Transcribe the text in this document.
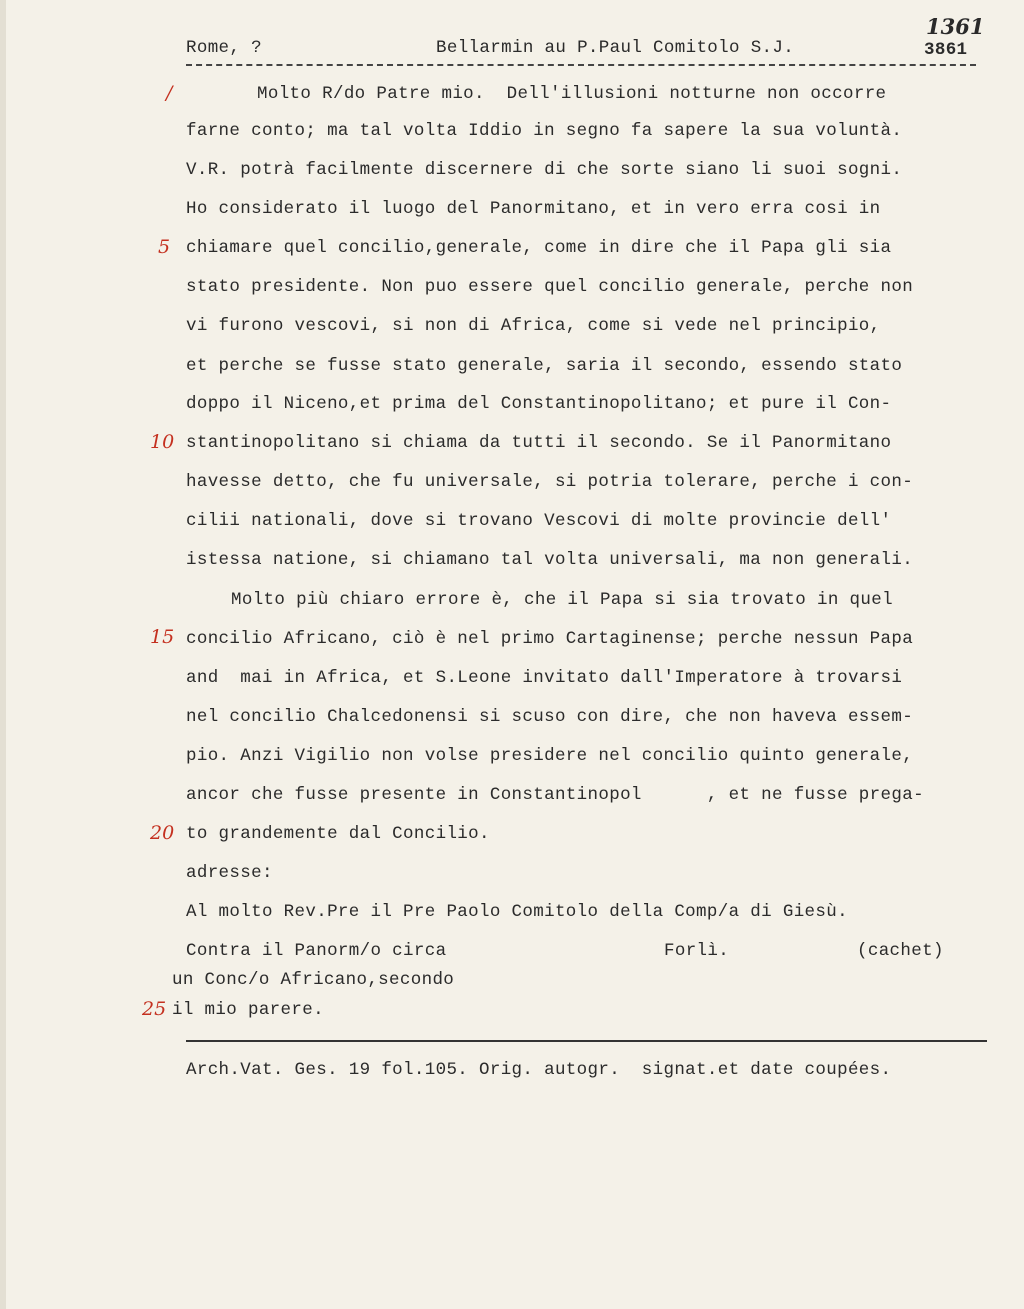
Rome, ?	Bellarmin au P.Paul Comitolo S.J.
1361
3861
/
5
10
15
20
25
Molto R/do Patre mio.  Dell'illusioni notturne non occorre
farne conto; ma tal volta Iddio in segno fa sapere la sua voluntà.
V.R. potrà facilmente discernere di che sorte siano li suoi sogni.
Ho considerato il luogo del Panormitano, et in vero erra cosi in
chiamare quel concilio,generale, come in dire che il Papa gli sia
stato presidente. Non puo essere quel concilio generale, perche non
vi furono vescovi, si non di Africa, come si vede nel principio,
et perche se fusse stato generale, saria il secondo, essendo stato
doppo il Niceno,et prima del Constantinopolitano; et pure il Con-
stantinopolitano si chiama da tutti il secondo. Se il Panormitano
havesse detto, che fu universale, si potria tolerare, perche i con-
cilii nationali, dove si trovano Vescovi di molte provincie dell'
istessa natione, si chiamano tal volta universali, ma non generali.
Molto più chiaro errore è, che il Papa si sia trovato in quel
concilio Africano, ciò è nel primo Cartaginense; perche nessun Papa
and  mai in Africa, et S.Leone invitato dall'Imperatore à trovarsi
nel concilio Chalcedonensi si scuso con dire, che non haveva essem-
pio. Anzi Vigilio non volse presidere nel concilio quinto generale,
ancor che fusse presente in Constantinopol      , et ne fusse prega-
to grandemente dal Concilio.
adresse:
Al molto Rev.Pre il Pre Paolo Comitolo della Comp/a di Giesù.
Contra il Panorm/o circa	Forlì.	(cachet)
un Conc/o Africano,secondo
il mio parere.
Arch.Vat. Ges. 19 fol.105. Orig. autogr.  signat.et date coupées.
